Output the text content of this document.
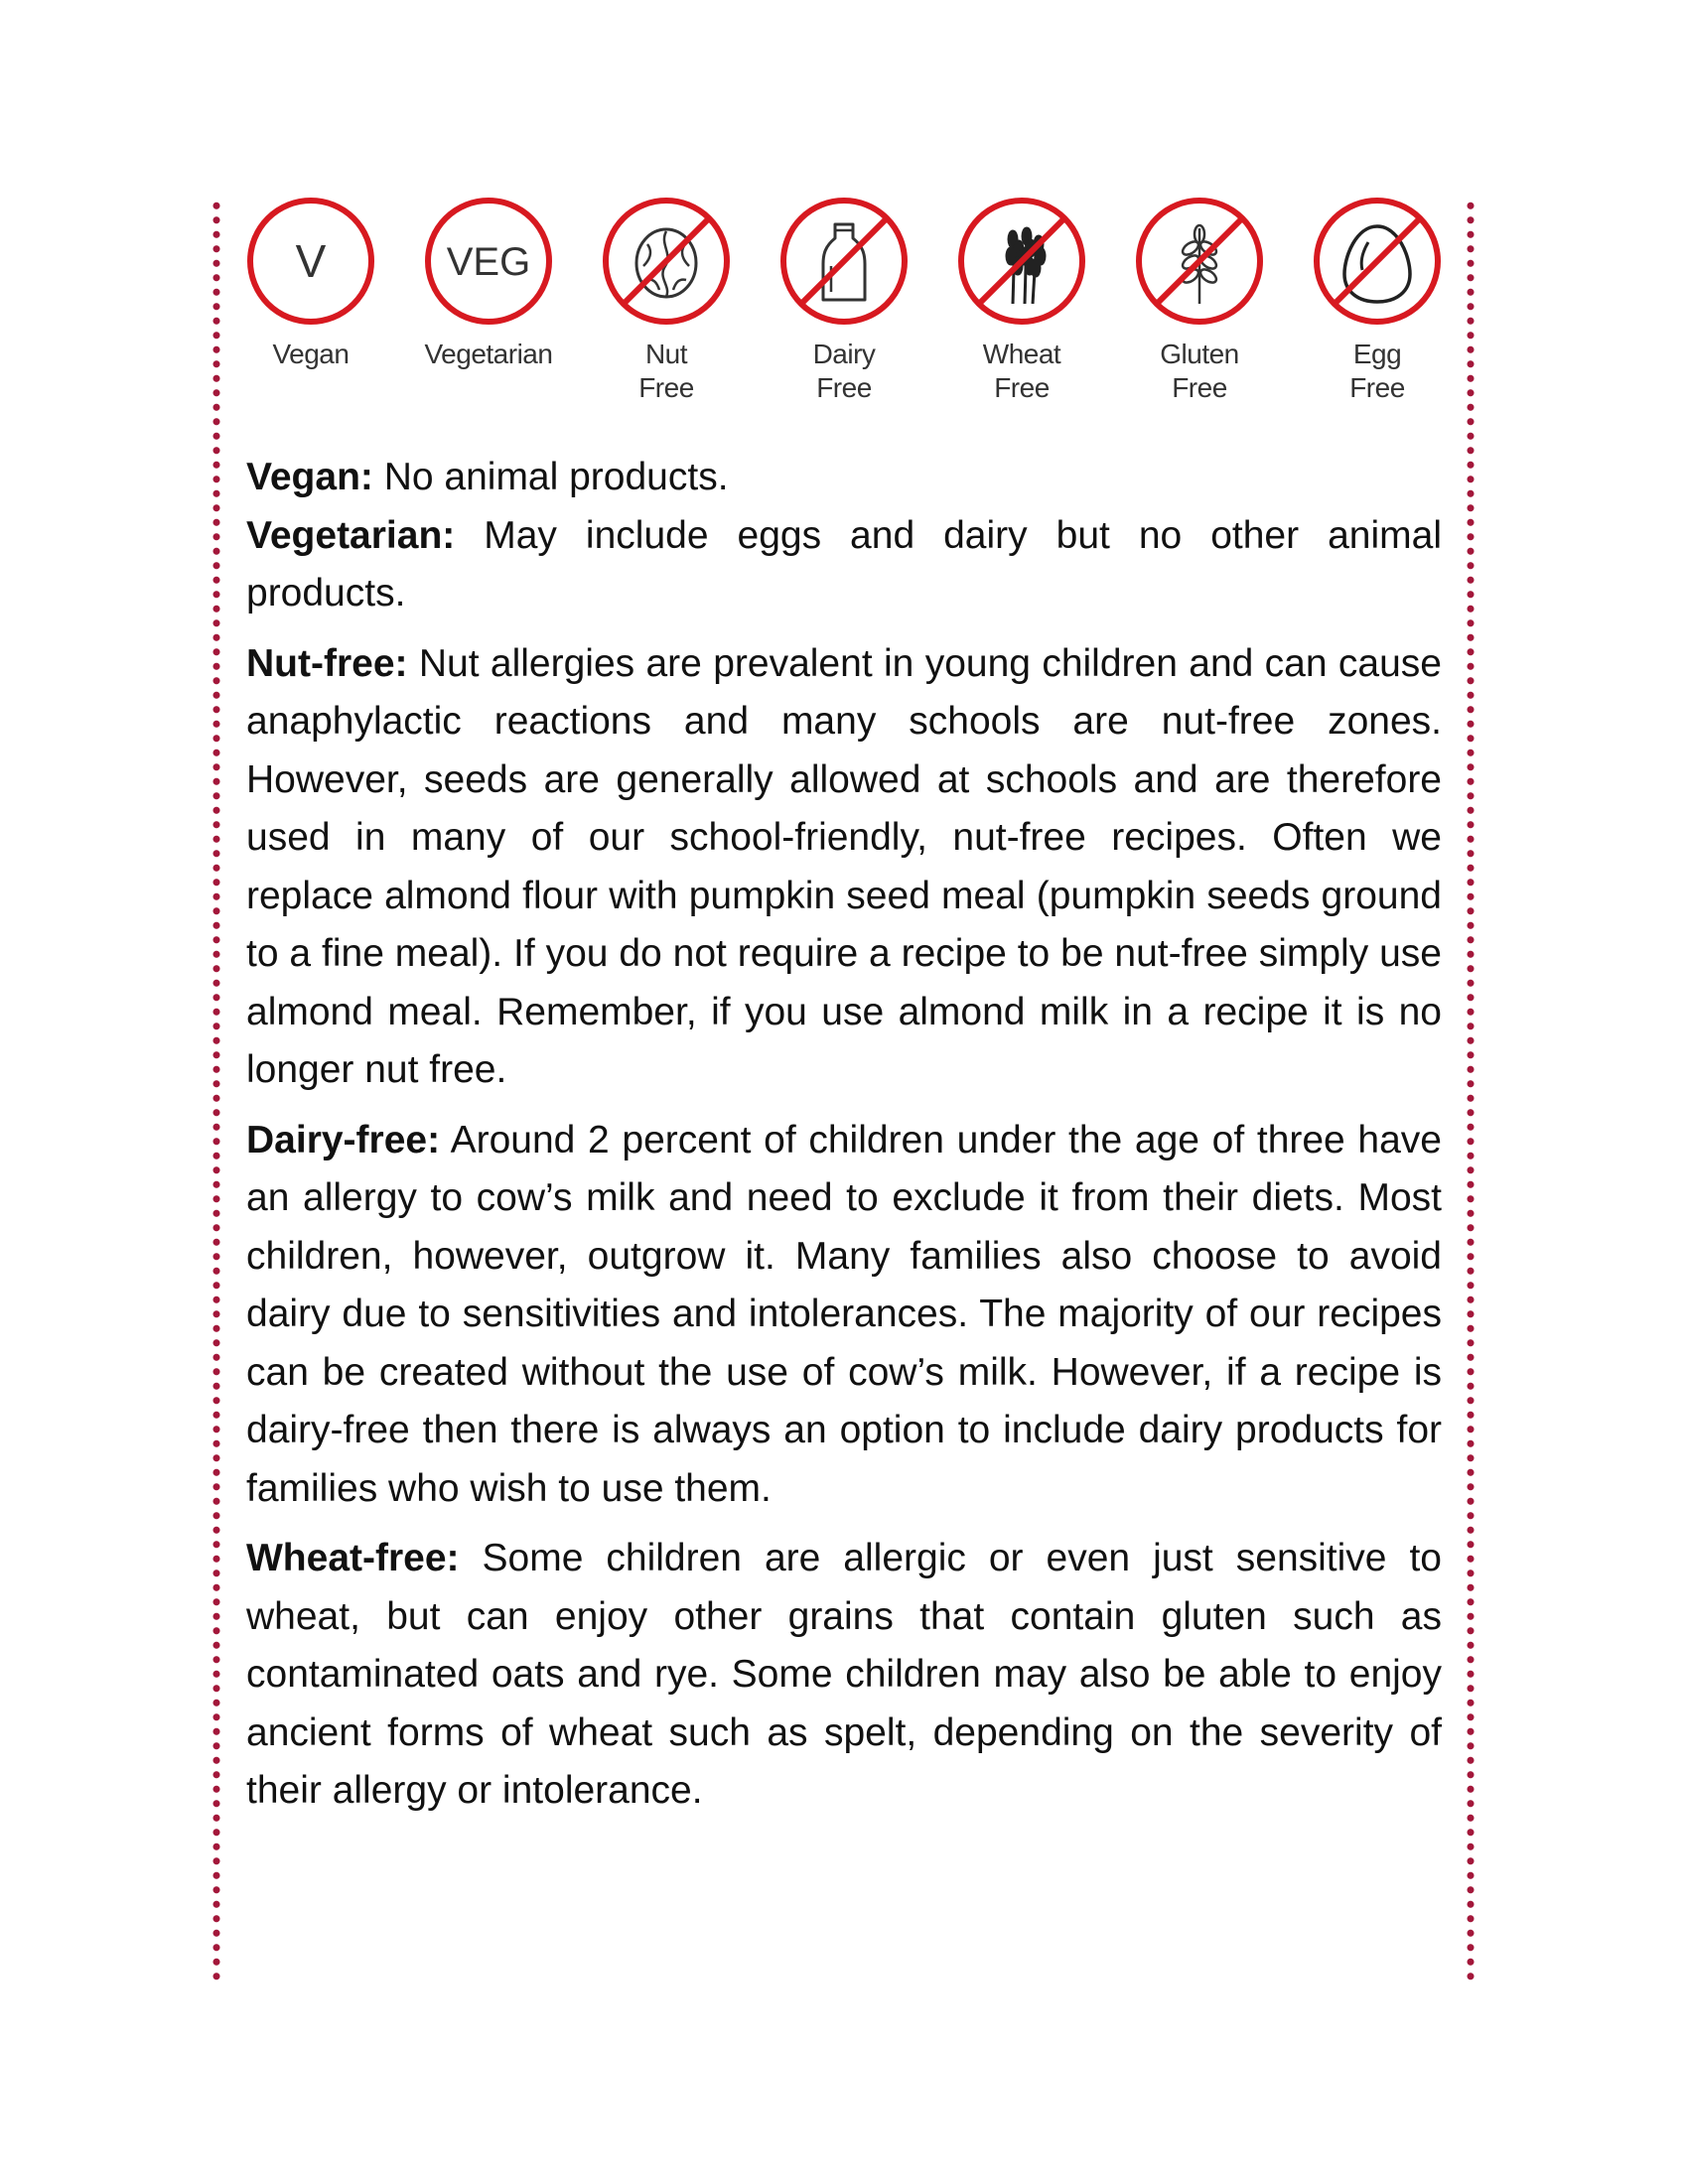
V
Vegan
VEG
Vegetarian	Nut
Free
Dairy
Free
Wheat
Free
Gluten
Free
Egg
Free

Vegan: No animal products.

Vegetarian: May include eggs and dairy but no other animal products.

Nut-free: Nut allergies are prevalent in young children and can cause anaphylactic reactions and many schools are nut-free zones. However, seeds are generally allowed at schools and are therefore used in many of our school-friendly, nut-free recipes. Often we replace almond flour with pumpkin seed meal (pumpkin seeds ground to a fine meal). If you do not require a recipe to be nut-free simply use almond meal. Remember, if you use almond milk in a recipe it is no longer nut free.

Dairy-free: Around 2 percent of children under the age of three have an allergy to cow’s milk and need to exclude it from their diets. Most children, however, outgrow it. Many families also choose to avoid dairy due to sensitivities and intolerances. The majority of our recipes can be created without the use of cow’s milk. However, if a recipe is dairy-free then there is always an option to include dairy products for families who wish to use them.

Wheat-free: Some children are allergic or even just sensitive to wheat, but can enjoy other grains that contain gluten such as contaminated oats and rye. Some children may also be able to enjoy ancient forms of wheat such as spelt, depending on the severity of their allergy or intolerance.
